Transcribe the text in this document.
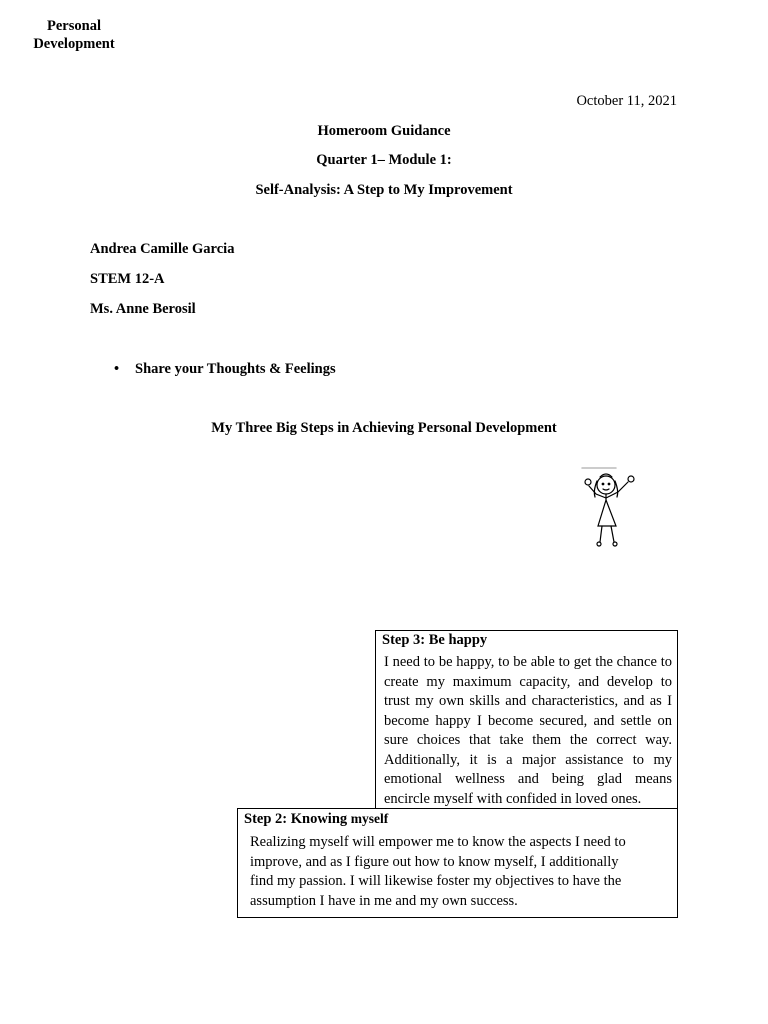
October 11, 2021
Homeroom Guidance
Quarter 1– Module 1:
Self-Analysis: A Step to My Improvement
Andrea Camille Garcia
STEM 12-A
Ms. Anne Berosil
• Share your Thoughts & Feelings
My Three Big Steps in Achieving Personal Development
Personal
Development
Step 3: Be happy
I need to be happy, to be able to get the chance to create my maximum capacity, and develop to trust my own skills and characteristics, and as I become happy I become secured, and settle on sure choices that take them the correct way. Additionally, it is a major assistance to my emotional wellness and being glad means encircle myself with confided in loved ones.
Step 2: Knowing myself
Realizing myself will empower me to know the aspects I need to
improve, and as I figure out how to know myself, I additionally
find my passion. I will likewise foster my objectives to have the
assumption I have in me and my own success.
